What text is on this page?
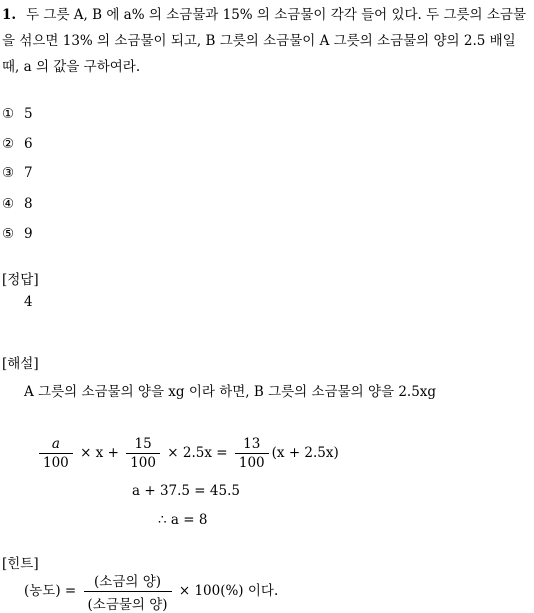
1. 두 그릇 A, B 에 a% 의 소금물과 15% 의 소금물이 각각 들어 있다. 두 그릇의 소금물을 섞으면 13% 의 소금물이 되고, B 그릇의 소금물이 A 그릇의 소금물의 양의 2.5 배일 때, a 의 값을 구하여라.
① 5
② 6
③ 7
④ 8
⑤ 9
[정답]
4
[해설]
A 그릇의 소금물의 양을 xg 이라 하면, B 그릇의 소금물의 양을 2.5xg
$\frac{a}{100} \times x + \frac{15}{100} \times 2.5x = \frac{13}{100} (x + 2.5x)$
a + 37.5 = 45.5
∴ a = 8
[힌트]
(농도) = $\frac{\text{(소금의 양)}}{\text{(소금물의 양)}} \times 100(\%)$ 이다.
